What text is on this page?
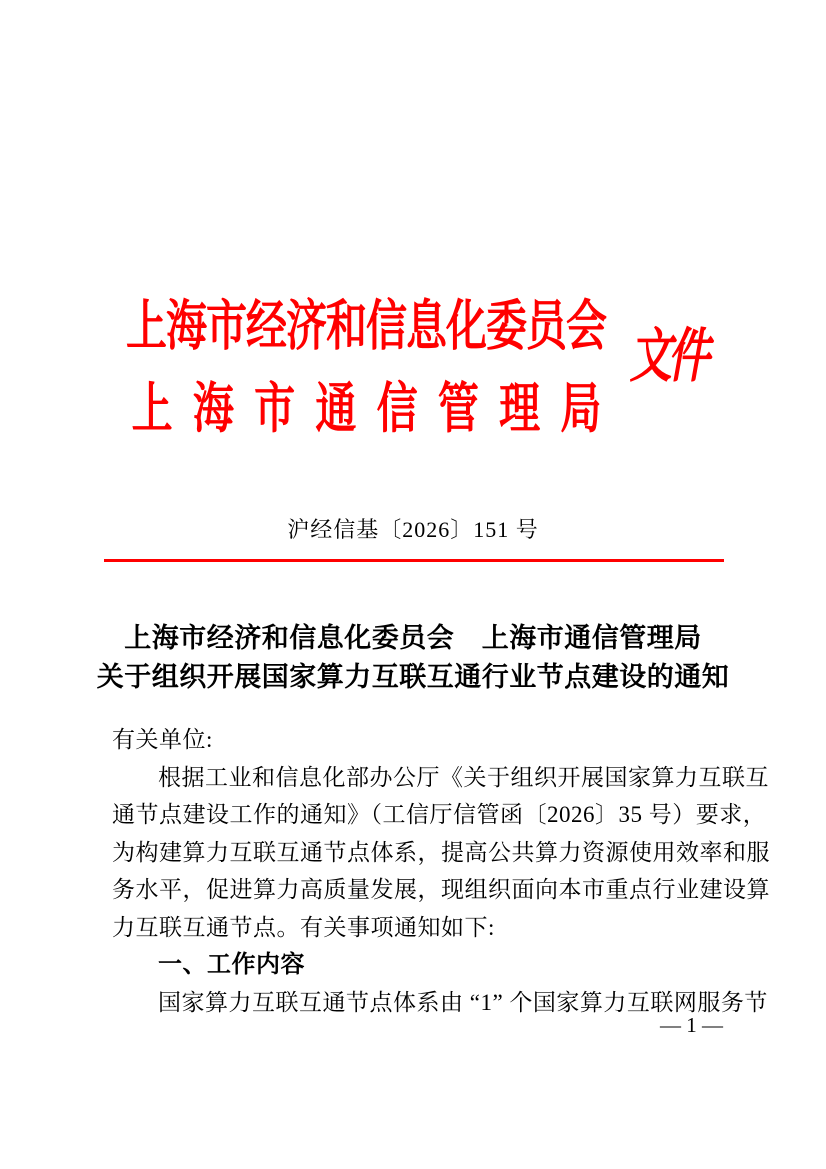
上海市经济和信息化委员会
上 海 市 通 信 管 理 局
文件
沪经信基〔2026〕151 号
上海市经济和信息化委员会　上海市通信管理局
关于组织开展国家算力互联互通行业节点建设的通知
有关单位:
根据工业和信息化部办公厅《关于组织开展国家算力互联互
通节点建设工作的通知》（工信厅信管函〔2026〕35 号）要求，
为构建算力互联互通节点体系，提高公共算力资源使用效率和服
务水平，促进算力高质量发展，现组织面向本市重点行业建设算
力互联互通节点。有关事项通知如下:
一、工作内容
国家算力互联互通节点体系由 “1” 个国家算力互联网服务节
— 1 —
